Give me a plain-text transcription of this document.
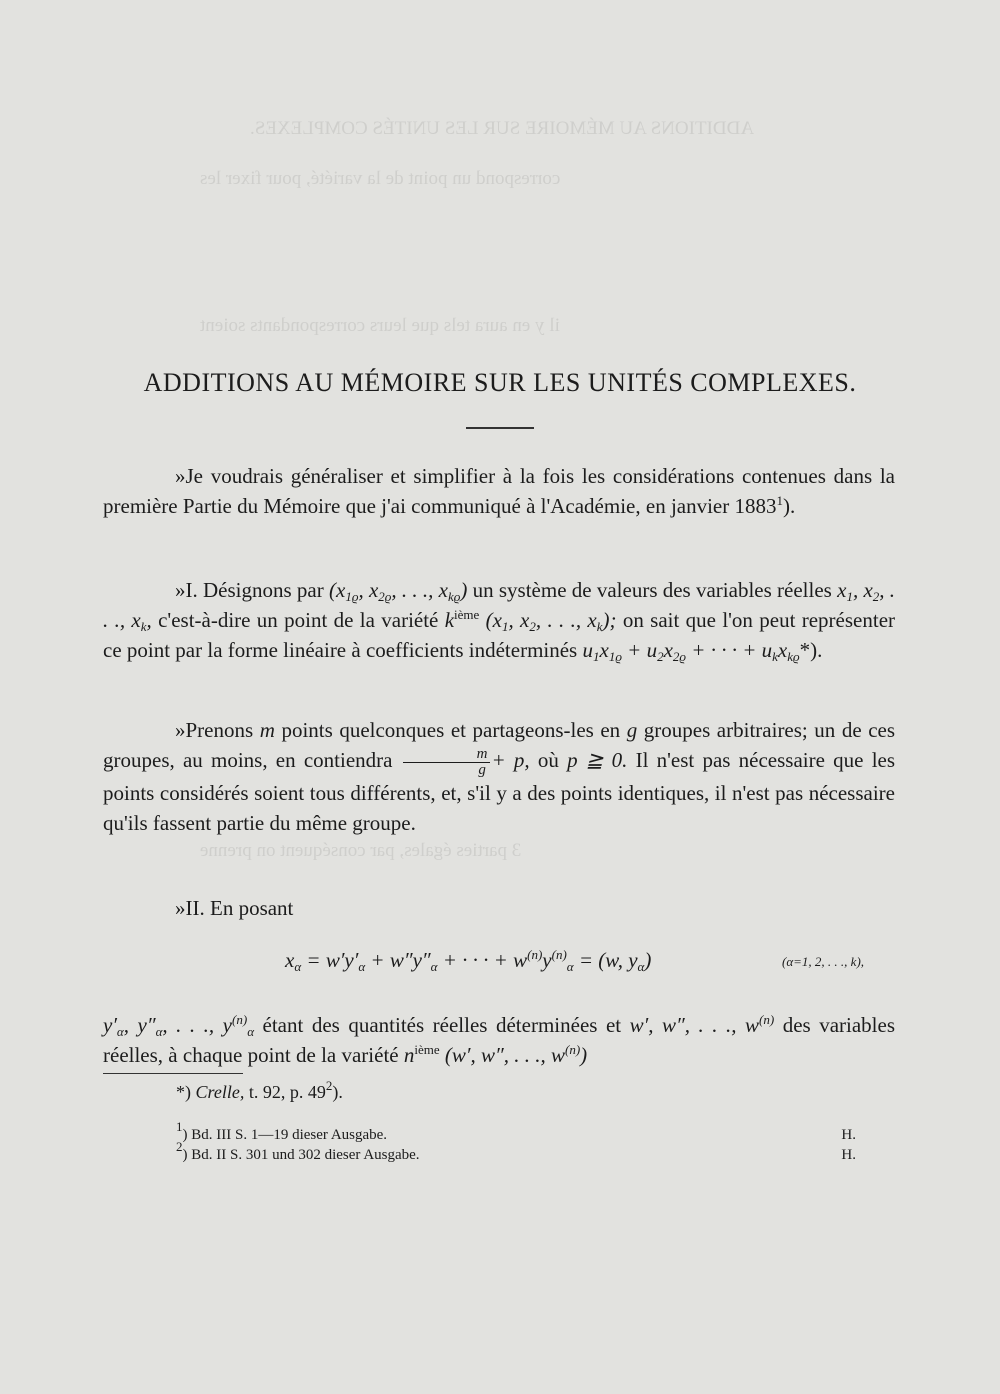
ADDITIONS AU MÉMOIRE SUR LES UNITÉS COMPLEXES.
correspond un point de la variété, pour fixer les
il y en aura tels que leurs correspondants soient
3 parties égales, par conséquent on prenne
ADDITIONS AU MÉMOIRE SUR LES UNITÉS COMPLEXES.
»Je voudrais généraliser et simplifier à la fois les considérations contenues dans la première Partie du Mémoire que j'ai communiqué à l'Académie, en janvier 1883$^1$).
»I. Désignons par ($x_{1ϱ}$, $x_{2ϱ}$, . . ., $x_{kϱ}$) un système de valeurs des variables réelles $x_1$, $x_2$, . . ., $x_k$, c'est-à-dire un point de la variété $k^{ième}$ ($x_1$, $x_2$, . . ., $x_k$); on sait que l'on peut représenter ce point par la forme linéaire à coefficients indéterminés $u_1x_{1ϱ} + u_2x_{2ϱ}$ + · · · + $u_kx_{kϱ}*$).
»Prenons m points quelconques et partageons-les en g groupes arbitraires; un de ces groupes, au moins, en contiendra $\frac{m}{g} + p$, où p ≧ 0. Il n'est pas nécessaire que les points considérés soient tous différents, et, s'il y a des points identiques, il n'est pas nécessaire qu'ils fassent partie du même groupe.
»II. En posant
$x_\alpha = w'y'_\alpha + w''y''_\alpha$ + · · · + $w^{(n)}y^{(n)}_\alpha = (w$, $y_\alpha$)	(α=1, 2, . . ., k),
$y'_\alpha$, $y''_\alpha$, . . ., $y^{(n)}_\alpha$ étant des quantités réelles déterminées et w′, w″, . . ., $w^{(n)}$ des variables réelles, à chaque point de la variété $n^{ième}$ (w′, w″, . . ., $w^{(n)}$)
*) Crelle, t. 92, p. $49^2$).
$^1$) Bd. III S. 1—19 dieser Ausgabe.	H.
$^2$) Bd. II S. 301 und 302 dieser Ausgabe.	H.
